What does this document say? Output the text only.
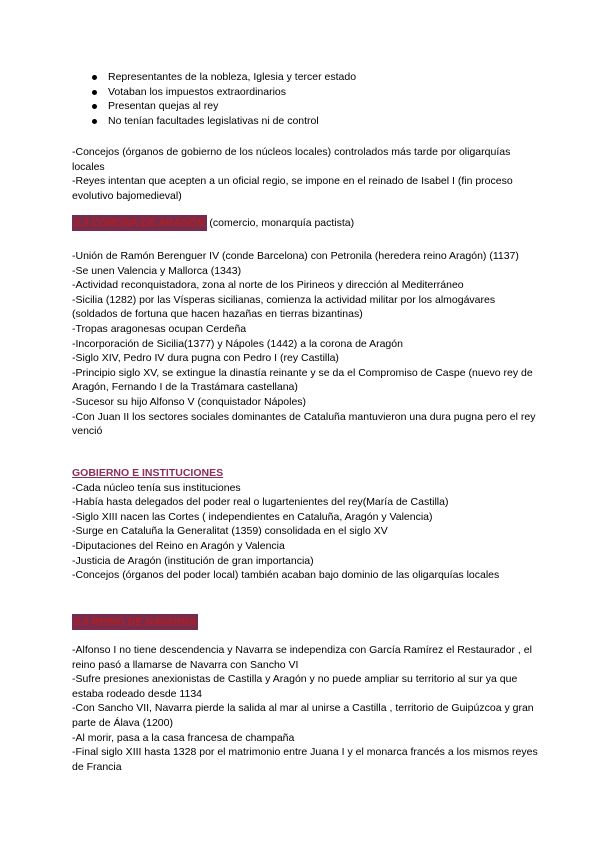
Representantes de la nobleza, Iglesia y tercer estado
Votaban los impuestos extraordinarios
Presentan quejas al rey
No tenían facultades legislativas ni de control

-Concejos (órganos de gobierno de los núcleos locales) controlados más tarde por oligarquías locales

-Reyes intentan que acepten a un oficial regio, se impone en el reinado de Isabel I (fin proceso evolutivo bajomedieval)

3.3 CORONA DE ARAGÓN (comercio, monarquía pactista)

-Unión de Ramón Berenguer IV (conde Barcelona) con Petronila (heredera reino Aragón) (1137)

-Se unen Valencia y Mallorca (1343)

-Actividad reconquistadora, zona al norte de los Pirineos y dirección al Mediterráneo

-Sicilia (1282) por las Vísperas sicilianas, comienza la actividad militar por los almogávares (soldados de fortuna que hacen hazañas en tierras bizantinas)

-Tropas aragonesas ocupan Cerdeña

-Incorporación de Sicilia(1377) y Nápoles (1442) a la corona de Aragón

-Siglo XIV, Pedro IV dura pugna con Pedro I (rey Castilla)

-Principio siglo XV, se extingue la dinastía reinante y se da el Compromiso de Caspe (nuevo rey de Aragón, Fernando I de la Trastámara castellana)

-Sucesor su hijo Alfonso V (conquistador Nápoles)

-Con Juan II los sectores sociales dominantes de Cataluña mantuvieron una dura pugna pero el rey venció

GOBIERNO E INSTITUCIONES

-Cada núcleo tenía sus instituciones

-Había hasta delegados del poder real o lugartenientes del rey(María de Castilla)

-Siglo XIII nacen las Cortes ( independientes en Cataluña, Aragón y Valencia)

-Surge en Cataluña la Generalitat (1359) consolidada en el siglo XV

-Diputaciones del Reino en Aragón y Valencia

-Justicia de Aragón (institución de gran importancia)

-Concejos (órganos del poder local) también acaban bajo dominio de las oligarquías locales

3.4 REINO DE NAVARRA

-Alfonso I no tiene descendencia y Navarra se independiza con García Ramírez el Restaurador , el reino pasó a llamarse de Navarra con Sancho VI

-Sufre presiones anexionistas de Castilla y Aragón y no puede ampliar su territorio al sur ya que estaba rodeado desde 1134

-Con Sancho VII, Navarra pierde la salida al mar al unirse a Castilla , territorio de Guipúzcoa y gran parte de Álava (1200)

-Al morir, pasa a la casa francesa de champaña

-Final siglo XIII hasta 1328 por el matrimonio entre Juana I y el monarca francés a los mismos reyes de Francia
